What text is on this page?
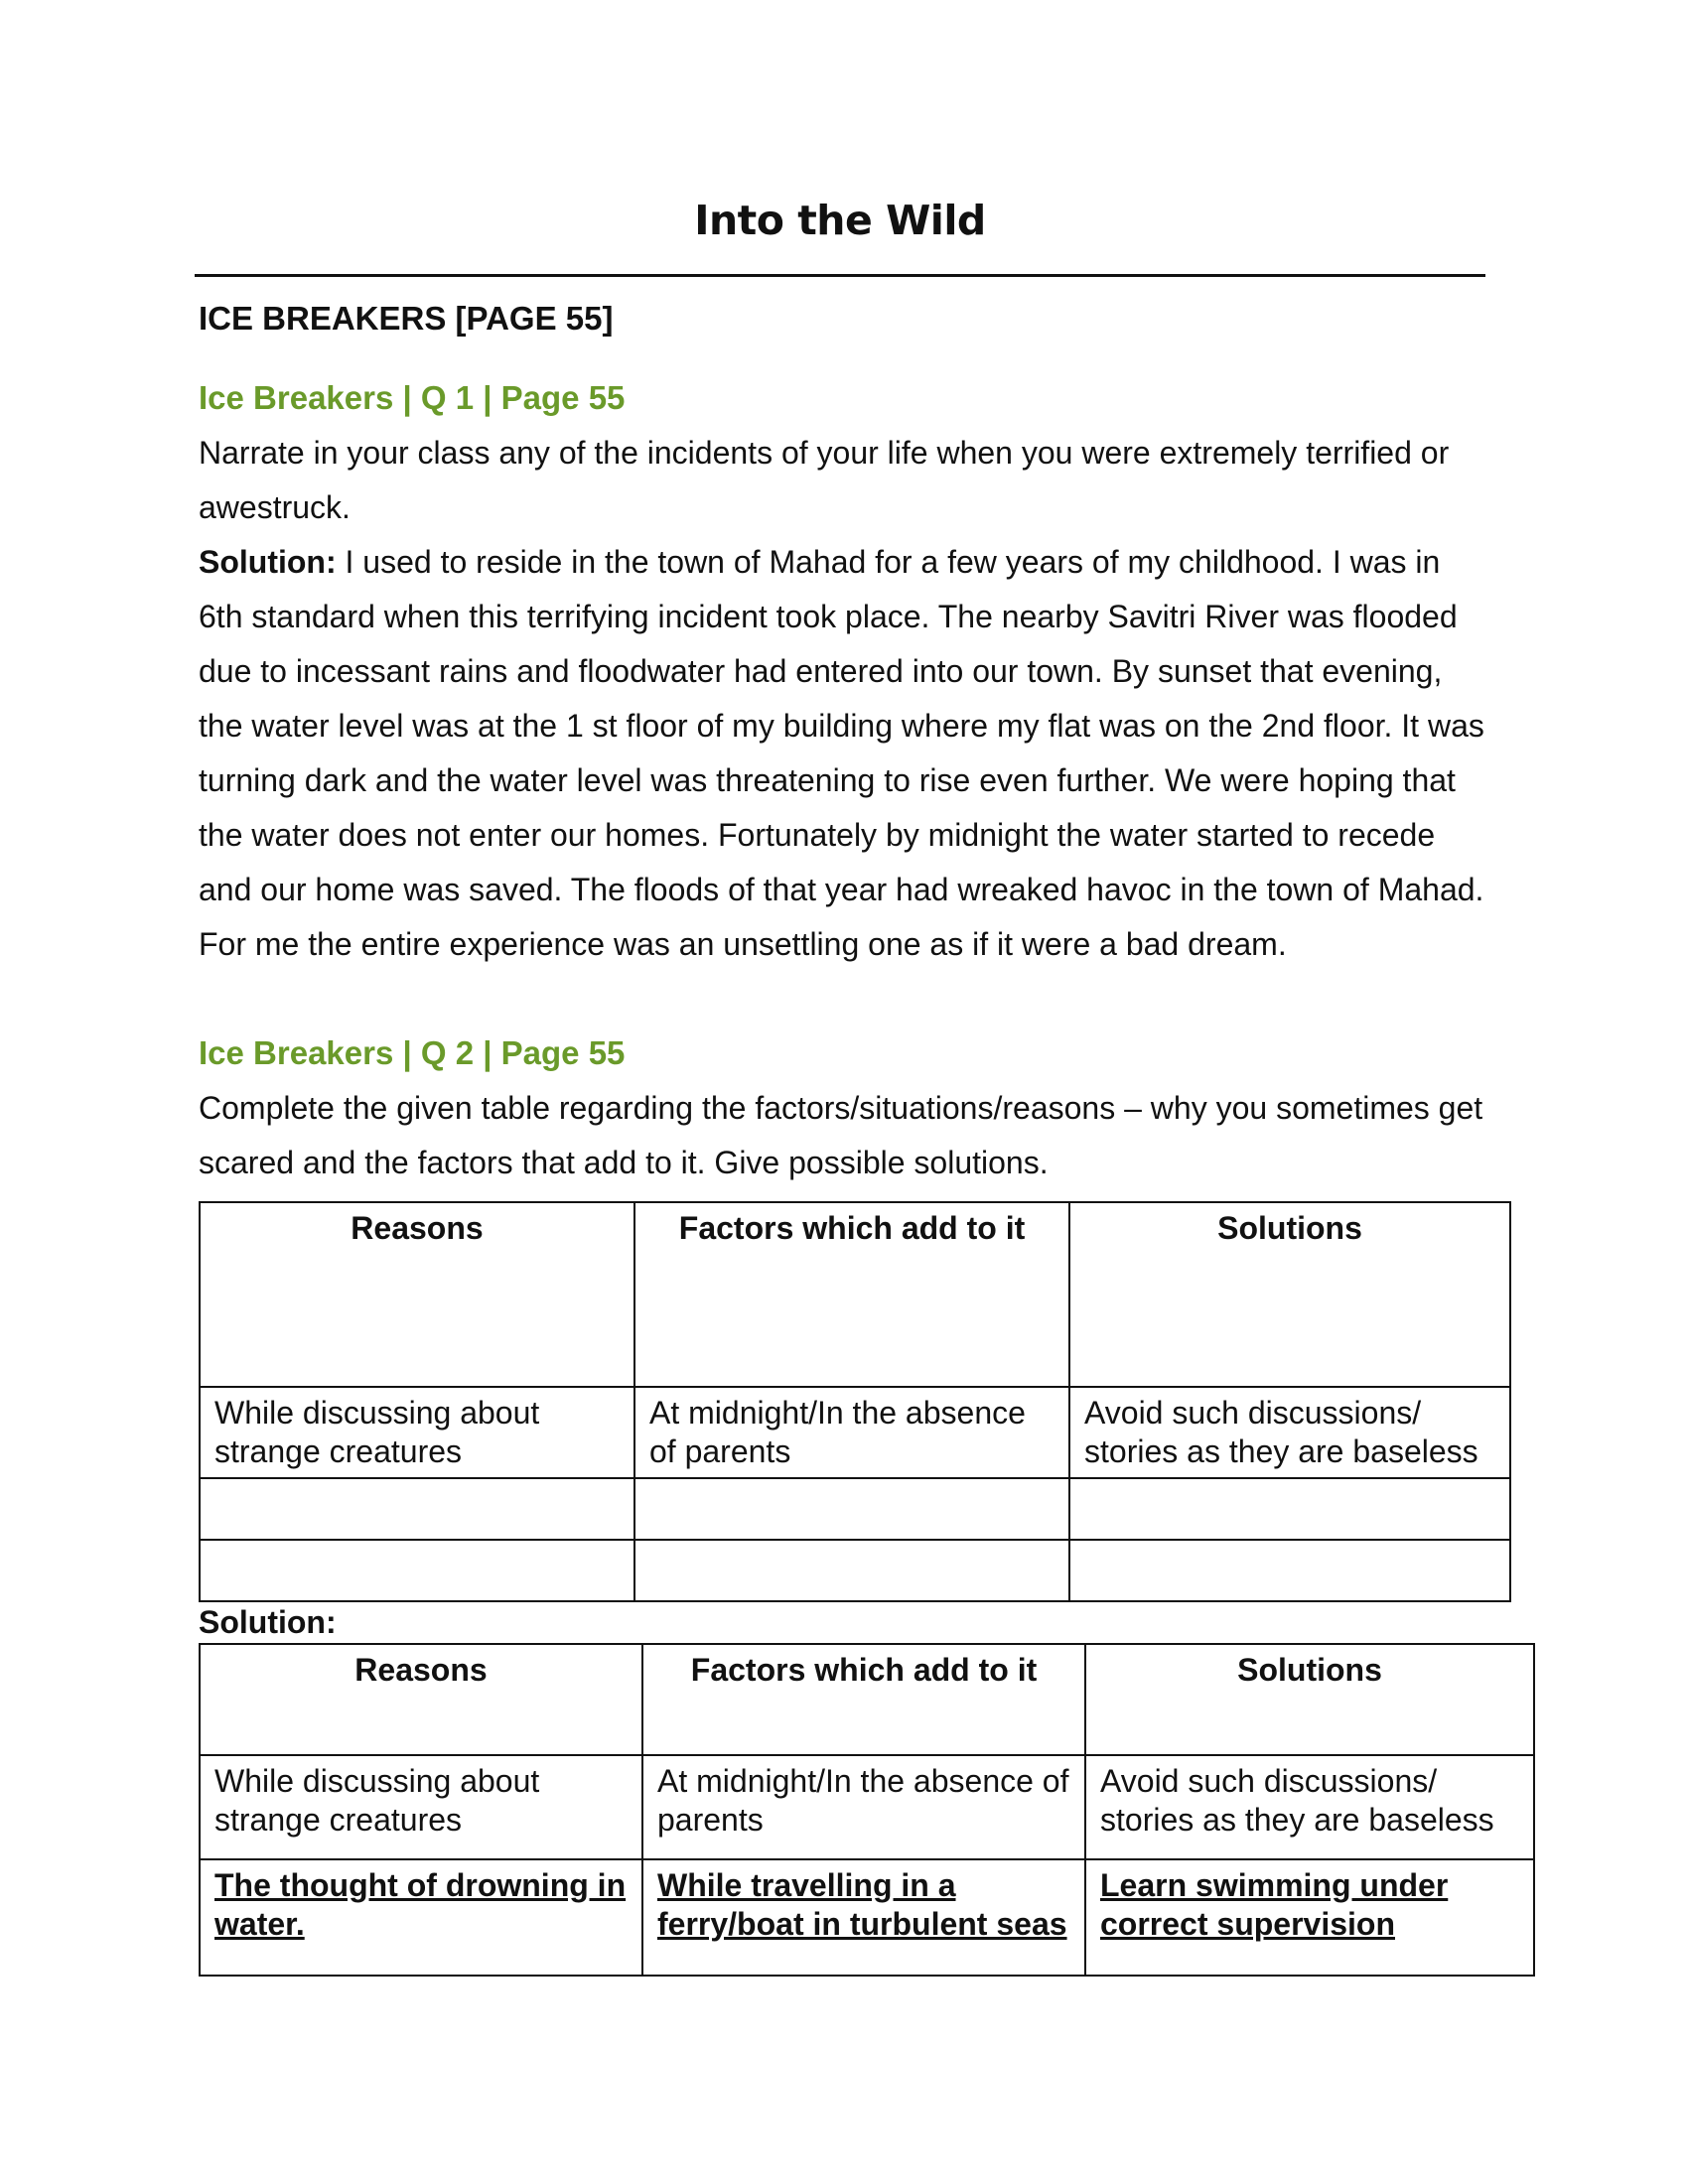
Into the Wild
ICE BREAKERS [PAGE 55]
Ice Breakers | Q 1 | Page 55

Narrate in your class any of the incidents of your life when you were extremely terrified or awestruck.

Solution: I used to reside in the town of Mahad for a few years of my childhood. I was in 6th standard when this terrifying incident took place. The nearby Savitri River was flooded due to incessant rains and floodwater had entered into our town. By sunset that evening, the water level was at the 1 st floor of my building where my flat was on the 2nd floor. It was turning dark and the water level was threatening to rise even further. We were hoping that the water does not enter our homes. Fortunately by midnight the water started to recede and our home was saved. The floods of that year had wreaked havoc in the town of Mahad. For me the entire experience was an unsettling one as if it were a bad dream.

Ice Breakers | Q 2 | Page 55

Complete the given table regarding the factors/situations/reasons – why you sometimes get scared and the factors that add to it. Give possible solutions.

Reasons	Factors which add to it	Solutions
While discussing about strange creatures	At midnight/In the absence of parents	Avoid such discussions/ stories as they are baseless

Solution:

Reasons	Factors which add to it	Solutions
While discussing about strange creatures	At midnight/In the absence of parents	Avoid such discussions/ stories as they are baseless
The thought of drowning in water.	While travelling in a ferry/boat in turbulent seas	Learn swimming under correct supervision
